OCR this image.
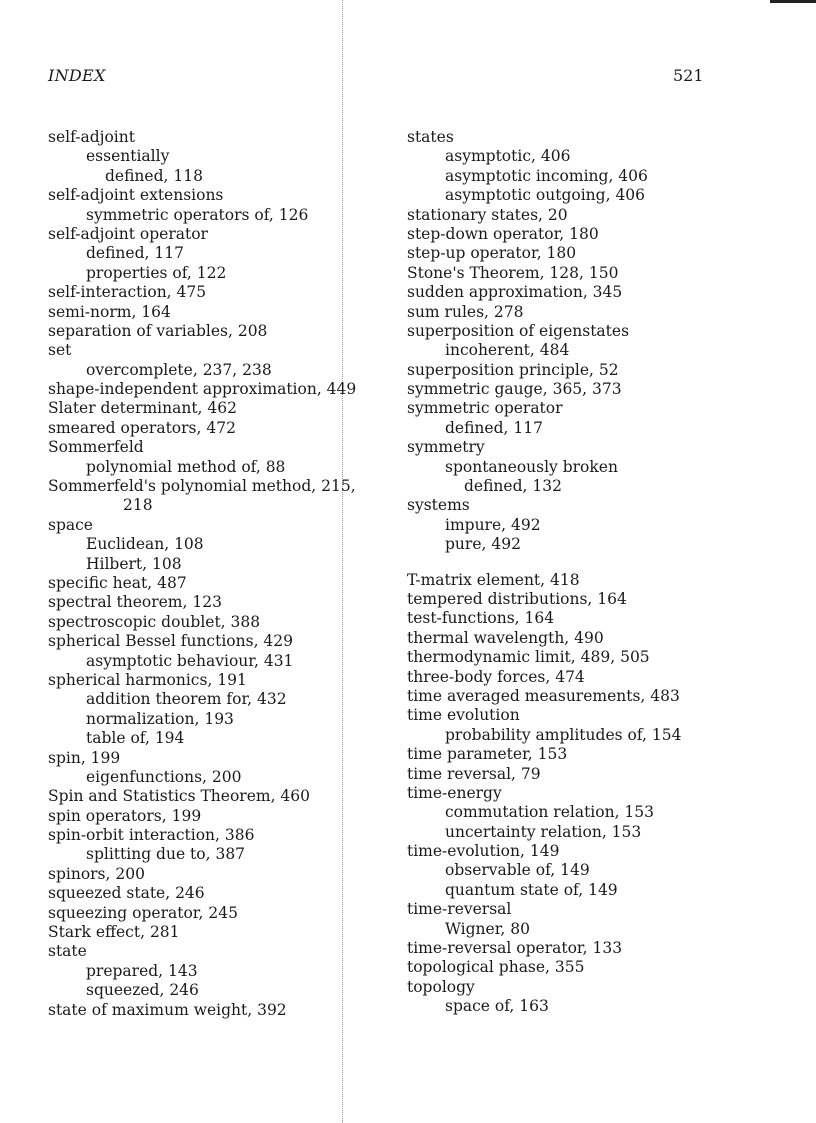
INDEX	521
self-adjoint
essentially
defined, 118
self-adjoint extensions
symmetric operators of, 126
self-adjoint operator
defined, 117
properties of, 122
self-interaction, 475
semi-norm, 164
separation of variables, 208
set
overcomplete, 237, 238
shape-independent approximation, 449
Slater determinant, 462
smeared operators, 472
Sommerfeld
polynomial method of, 88
Sommerfeld's polynomial method, 215,
218
space
Euclidean, 108
Hilbert, 108
specific heat, 487
spectral theorem, 123
spectroscopic doublet, 388
spherical Bessel functions, 429
asymptotic behaviour, 431
spherical harmonics, 191
addition theorem for, 432
normalization, 193
table of, 194
spin, 199
eigenfunctions, 200
Spin and Statistics Theorem, 460
spin operators, 199
spin-orbit interaction, 386
splitting due to, 387
spinors, 200
squeezed state, 246
squeezing operator, 245
Stark effect, 281
state
prepared, 143
squeezed, 246
state of maximum weight, 392
states
asymptotic, 406
asymptotic incoming, 406
asymptotic outgoing, 406
stationary states, 20
step-down operator, 180
step-up operator, 180
Stone's Theorem, 128, 150
sudden approximation, 345
sum rules, 278
superposition of eigenstates
incoherent, 484
superposition principle, 52
symmetric gauge, 365, 373
symmetric operator
defined, 117
symmetry
spontaneously broken
defined, 132
systems
impure, 492
pure, 492
T-matrix element, 418
tempered distributions, 164
test-functions, 164
thermal wavelength, 490
thermodynamic limit, 489, 505
three-body forces, 474
time averaged measurements, 483
time evolution
probability amplitudes of, 154
time parameter, 153
time reversal, 79
time-energy
commutation relation, 153
uncertainty relation, 153
time-evolution, 149
observable of, 149
quantum state of, 149
time-reversal
Wigner, 80
time-reversal operator, 133
topological phase, 355
topology
space of, 163
